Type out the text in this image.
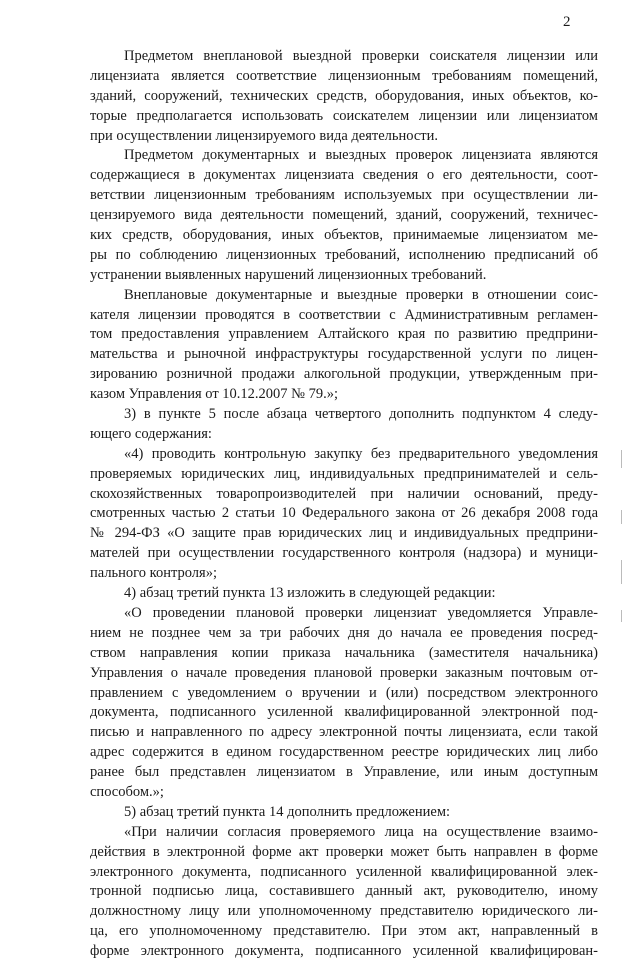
2
Предметом внеплановой выездной проверки соискателя лицензии или
лицензиата является соответствие лицензионным требованиям помещений,
зданий, сооружений, технических средств, оборудования, иных объектов, ко-
торые предполагается использовать соискателем лицензии или лицензиатом
при осуществлении лицензируемого вида деятельности.
Предметом документарных и выездных проверок лицензиата являются
содержащиеся в документах лицензиата сведения о его деятельности, соот-
ветствии лицензионным требованиям используемых при осуществлении ли-
цензируемого вида деятельности помещений, зданий, сооружений, техничес-
ких средств, оборудования, иных объектов, принимаемые лицензиатом ме-
ры по соблюдению лицензионных требований, исполнению предписаний об
устранении выявленных нарушений лицензионных требований.
Внеплановые документарные и выездные проверки в отношении соис-
кателя лицензии проводятся в соответствии с Административным регламен-
том предоставления управлением Алтайского края по развитию предприни-
мательства и рыночной инфраструктуры государственной услуги по лицен-
зированию розничной продажи алкогольной продукции, утвержденным при-
казом Управления от 10.12.2007 № 79.»;
3) в пункте 5 после абзаца четвертого дополнить подпунктом 4 следу-
ющего содержания:
«4) проводить контрольную закупку без предварительного уведомления
проверяемых юридических лиц, индивидуальных предпринимателей и сель-
скохозяйственных товаропроизводителей при наличии оснований, преду-
смотренных частью 2 статьи 10 Федерального закона от 26 декабря 2008 года
№ 294-ФЗ «О защите прав юридических лиц и индивидуальных предприни-
мателей при осуществлении государственного контроля (надзора) и муници-
пального контроля»;
4) абзац третий пункта 13 изложить в следующей редакции:
«О проведении плановой проверки лицензиат уведомляется Управле-
нием не позднее чем за три рабочих дня до начала ее проведения посред-
ством направления копии приказа начальника (заместителя начальника)
Управления о начале проведения плановой проверки заказным почтовым от-
правлением с уведомлением о вручении и (или) посредством электронного
документа, подписанного усиленной квалифицированной электронной под-
писью и направленного по адресу электронной почты лицензиата, если такой
адрес содержится в едином государственном реестре юридических лиц либо
ранее был представлен лицензиатом в Управление, или иным доступным
способом.»;
5) абзац третий пункта 14 дополнить предложением:
«При наличии согласия проверяемого лица на осуществление взаимо-
действия в электронной форме акт проверки может быть направлен в форме
электронного документа, подписанного усиленной квалифицированной элек-
тронной подписью лица, составившего данный акт, руководителю, иному
должностному лицу или уполномоченному представителю юридического ли-
ца, его уполномоченному представителю. При этом акт, направленный в
форме электронного документа, подписанного усиленной квалифицирован-
